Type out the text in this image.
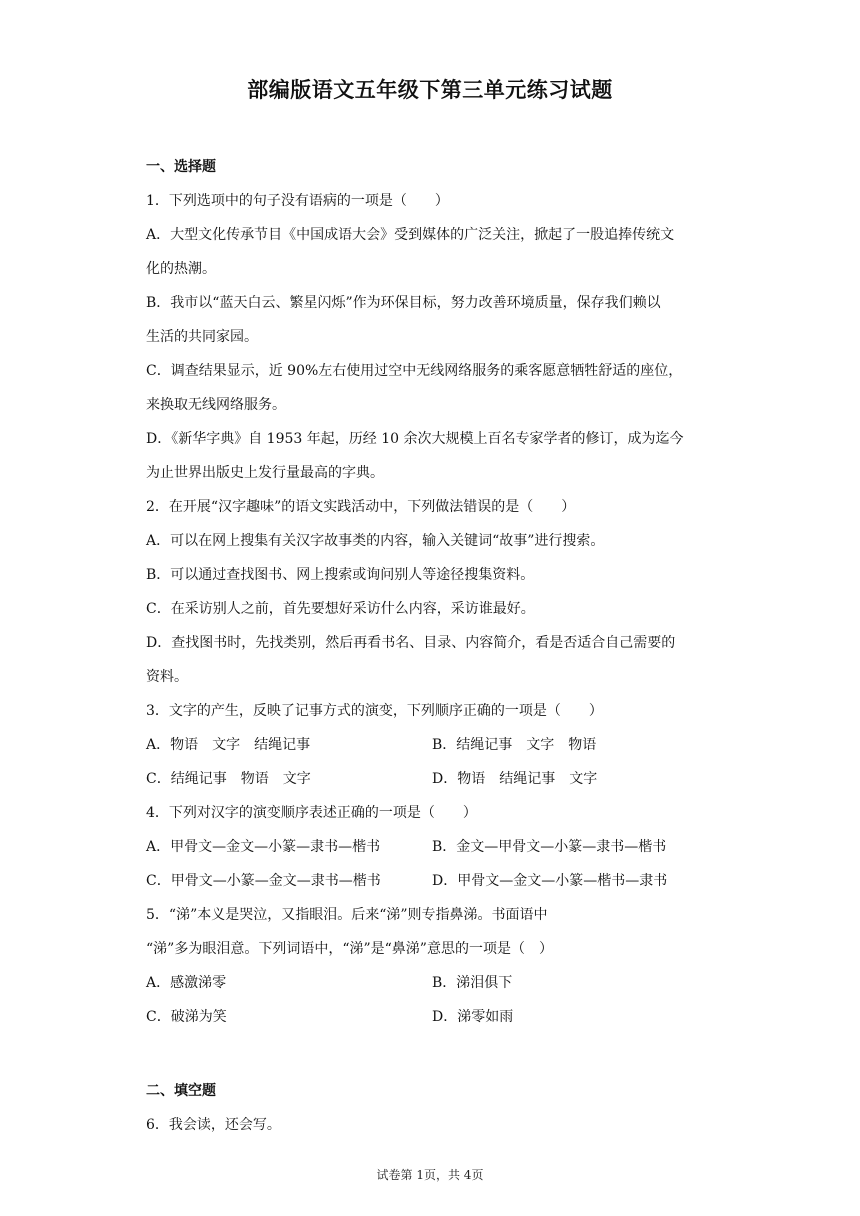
部编版语文五年级下第三单元练习试题
一、选择题
1．下列选项中的句子没有语病的一项是（　　）
A．大型文化传承节目《中国成语大会》受到媒体的广泛关注，掀起了一股追捧传统文
化的热潮。
B．我市以“蓝天白云、繁星闪烁”作为环保目标，努力改善环境质量，保存我们赖以
生活的共同家园。
C．调查结果显示，近 90%左右使用过空中无线网络服务的乘客愿意牺牲舒适的座位，
来换取无线网络服务。
D．《新华字典》自 1953 年起，历经 10 余次大规模上百名专家学者的修订，成为迄今
为止世界出版史上发行量最高的字典。
2．在开展“汉字趣味”的语文实践活动中，下列做法错误的是（　　）
A．可以在网上搜集有关汉字故事类的内容，输入关键词“故事”进行搜索。
B．可以通过查找图书、网上搜索或询问别人等途径搜集资料。
C．在采访别人之前，首先要想好采访什么内容，采访谁最好。
D．查找图书时，先找类别，然后再看书名、目录、内容简介，看是否适合自己需要的
资料。
3．文字的产生，反映了记事方式的演变，下列顺序正确的一项是（　　）
A．物语　文字　结绳记事	B．结绳记事　文字　物语
C．结绳记事　物语　文字	D．物语　结绳记事　文字
4．下列对汉字的演变顺序表述正确的一项是（　　）
A．甲骨文—金文—小篆—隶书—楷书	B．金文—甲骨文—小篆—隶书—楷书
C．甲骨文—小篆—金文—隶书—楷书	D．甲骨文—金文—小篆—楷书—隶书
5．“涕”本义是哭泣，又指眼泪。后来“涕”则专指鼻涕。书面语中
“涕”多为眼泪意。下列词语中，“涕”是“鼻涕”意思的一项是（　）
A．感激涕零	B．涕泪俱下
C．破涕为笑	D．涕零如雨
二、填空题
6．我会读，还会写。
试卷第 1页，共 4页
